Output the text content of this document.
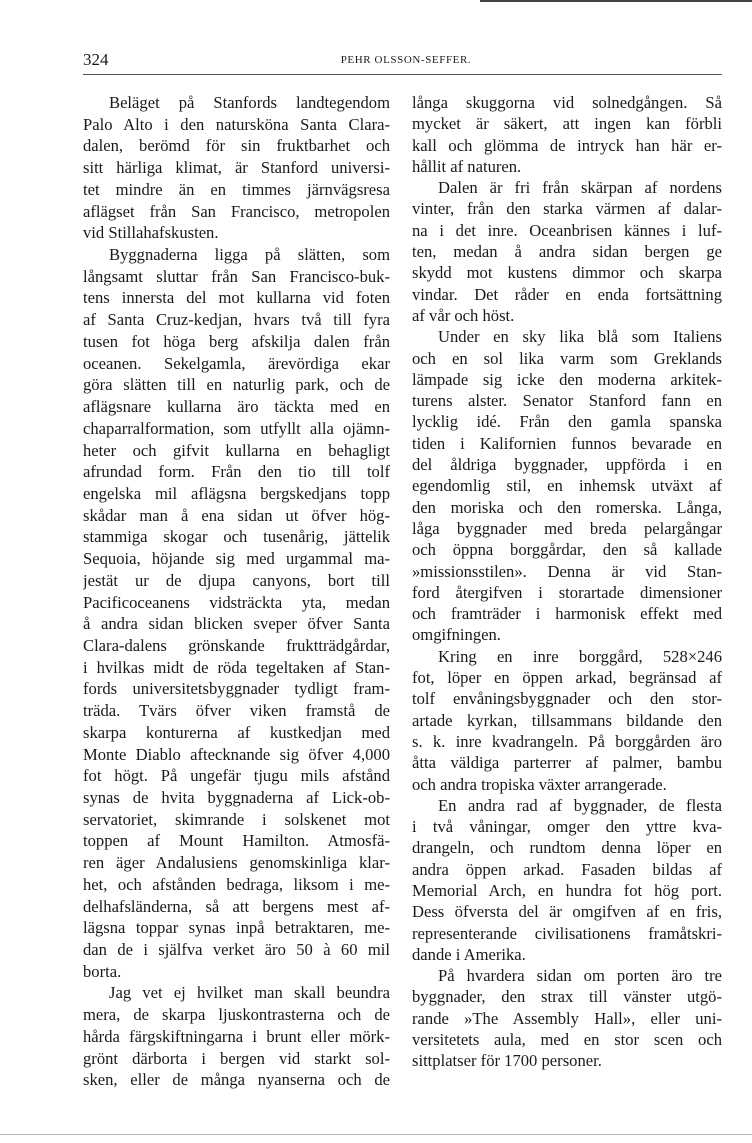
324	PEHR OLSSON-SEFFER.
Beläget på Stanfords landtegendom
Palo Alto i den natursköna Santa Clara-
dalen, berömd för sin fruktbarhet och
sitt härliga klimat, är Stanford universi-
tet mindre än en timmes järnvägsresa
aflägset från San Francisco, metropolen
vid Stillahafskusten.
Byggnaderna ligga på slätten, som
långsamt sluttar från San Francisco-buk-
tens innersta del mot kullarna vid foten
af Santa Cruz-kedjan, hvars två till fyra
tusen fot höga berg afskilja dalen från
oceanen. Sekelgamla, ärevördiga ekar
göra slätten till en naturlig park, och de
aflägsnare kullarna äro täckta med en
chaparralformation, som utfyllt alla ojämn-
heter och gifvit kullarna en behagligt
afrundad form. Från den tio till tolf
engelska mil aflägsna bergskedjans topp
skådar man å ena sidan ut öfver hög-
stammiga skogar och tusenårig, jättelik
Sequoia, höjande sig med urgammal ma-
jestät ur de djupa canyons, bort till
Pacificoceanens vidsträckta yta, medan
å andra sidan blicken sveper öfver Santa
Clara-dalens grönskande fruktträdgårdar,
i hvilkas midt de röda tegeltaken af Stan-
fords universitetsbyggnader tydligt fram-
träda. Tvärs öfver viken framstå de
skarpa konturerna af kustkedjan med
Monte Diablo aftecknande sig öfver 4,000
fot högt. På ungefär tjugu mils afstånd
synas de hvita byggnaderna af Lick-ob-
servatoriet, skimrande i solskenet mot
toppen af Mount Hamilton. Atmosfä-
ren äger Andalusiens genomskinliga klar-
het, och afstånden bedraga, liksom i me-
delhafsländerna, så att bergens mest af-
lägsna toppar synas inpå betraktaren, me-
dan de i själfva verket äro 50 à 60 mil
borta.
Jag vet ej hvilket man skall beundra
mera, de skarpa ljuskontrasterna och de
hårda färgskiftningarna i brunt eller mörk-
grönt därborta i bergen vid starkt sol-
sken, eller de många nyanserna och de
långa skuggorna vid solnedgången. Så
mycket är säkert, att ingen kan förbli
kall och glömma de intryck han här er-
hållit af naturen.
Dalen är fri från skärpan af nordens
vinter, från den starka värmen af dalar-
na i det inre. Oceanbrisen kännes i luf-
ten, medan å andra sidan bergen ge
skydd mot kustens dimmor och skarpa
vindar. Det råder en enda fortsättning
af vår och höst.
Under en sky lika blå som Italiens
och en sol lika varm som Greklands
lämpade sig icke den moderna arkitek-
turens alster. Senator Stanford fann en
lycklig idé. Från den gamla spanska
tiden i Kalifornien funnos bevarade en
del åldriga byggnader, uppförda i en
egendomlig stil, en inhemsk utväxt af
den moriska och den romerska. Långa,
låga byggnader med breda pelargångar
och öppna borggårdar, den så kallade
»missionsstilen». Denna är vid Stan-
ford återgifven i storartade dimensioner
och framträder i harmonisk effekt med
omgifningen.
Kring en inre borggård, 528×246
fot, löper en öppen arkad, begränsad af
tolf envåningsbyggnader och den stor-
artade kyrkan, tillsammans bildande den
s. k. inre kvadrangeln. På borggården äro
åtta väldiga parterrer af palmer, bambu
och andra tropiska växter arrangerade.
En andra rad af byggnader, de flesta
i två våningar, omger den yttre kva-
drangeln, och rundtom denna löper en
andra öppen arkad. Fasaden bildas af
Memorial Arch, en hundra fot hög port.
Dess öfversta del är omgifven af en fris,
representerande civilisationens framåtskri-
dande i Amerika.
På hvardera sidan om porten äro tre
byggnader, den strax till vänster utgö-
rande »The Assembly Hall», eller uni-
versitetets aula, med en stor scen och
sittplatser för 1700 personer.
